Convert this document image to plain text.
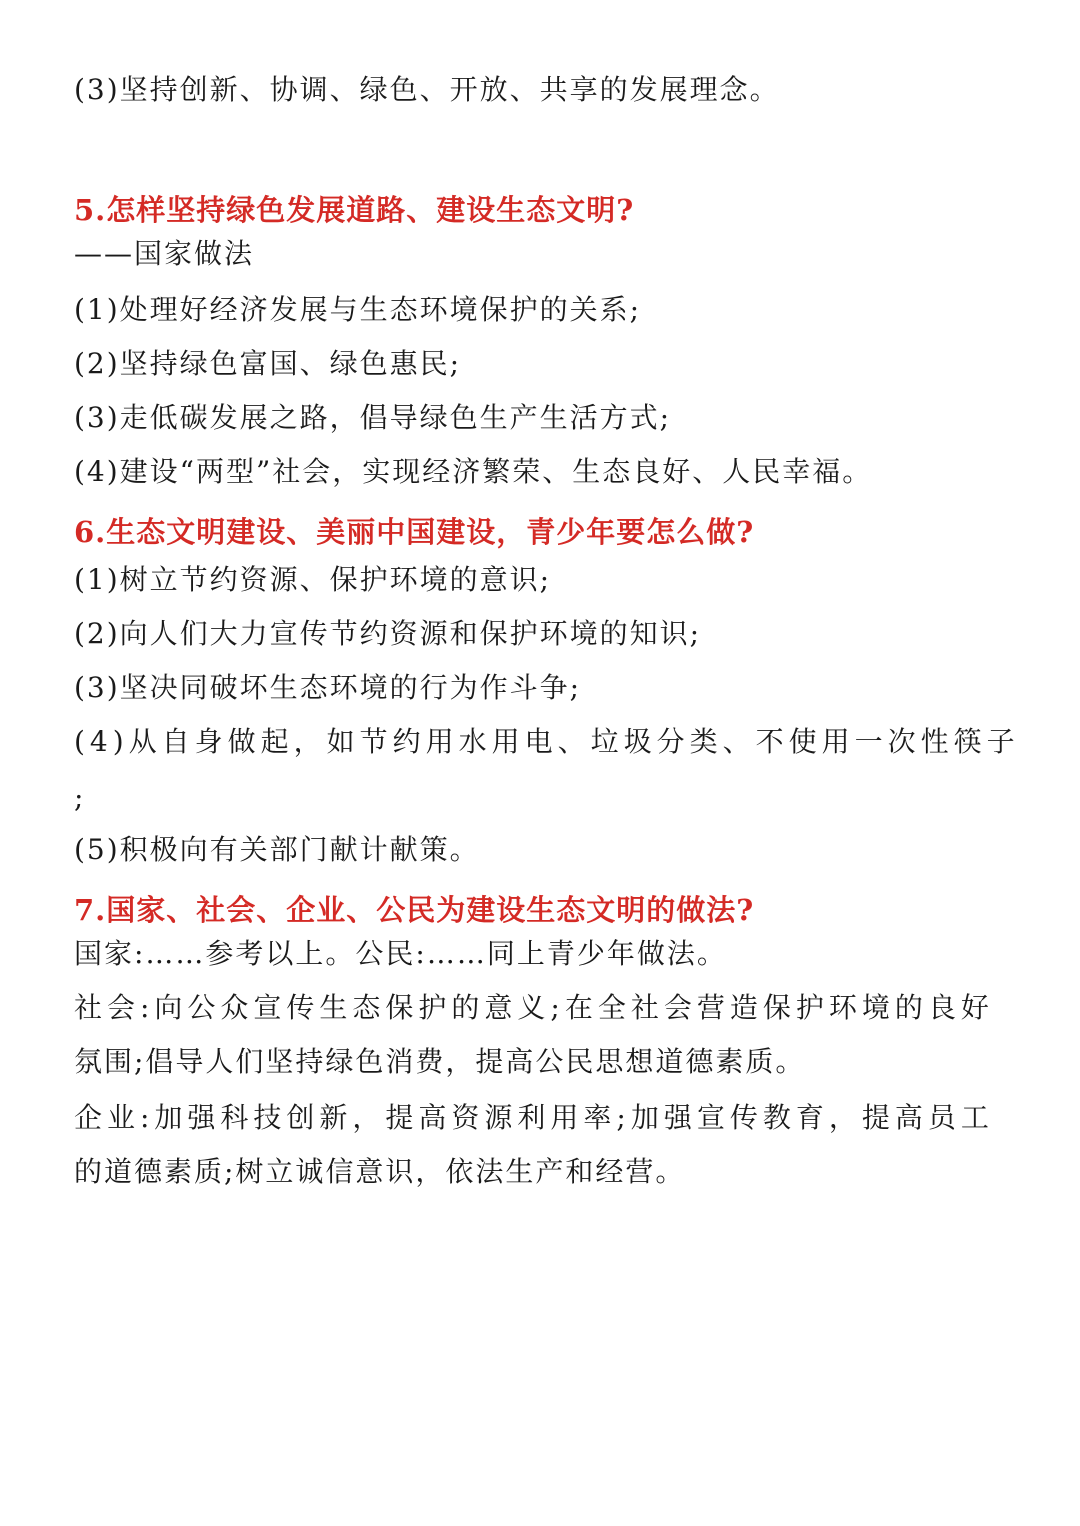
(3)坚持创新、协调、绿色、开放、共享的发展理念。

5.怎样坚持绿色发展道路、建设生态文明?

——国家做法

(1)处理好经济发展与生态环境保护的关系;

(2)坚持绿色富国、绿色惠民;

(3)走低碳发展之路，倡导绿色生产生活方式;

(4)建设“两型”社会，实现经济繁荣、生态良好、人民幸福。

6.生态文明建设、美丽中国建设，青少年要怎么做?

(1)树立节约资源、保护环境的意识;

(2)向人们大力宣传节约资源和保护环境的知识;

(3)坚决同破坏生态环境的行为作斗争;

(4)从自身做起，如节约用水用电、垃圾分类、不使用一次性筷子

;

(5)积极向有关部门献计献策。

7.国家、社会、企业、公民为建设生态文明的做法?

国家:……参考以上。公民:……同上青少年做法。

社会:向公众宣传生态保护的意义;在全社会营造保护环境的良好

氛围;倡导人们坚持绿色消费，提高公民思想道德素质。

企业:加强科技创新，提高资源利用率;加强宣传教育，提高员工

的道德素质;树立诚信意识，依法生产和经营。
